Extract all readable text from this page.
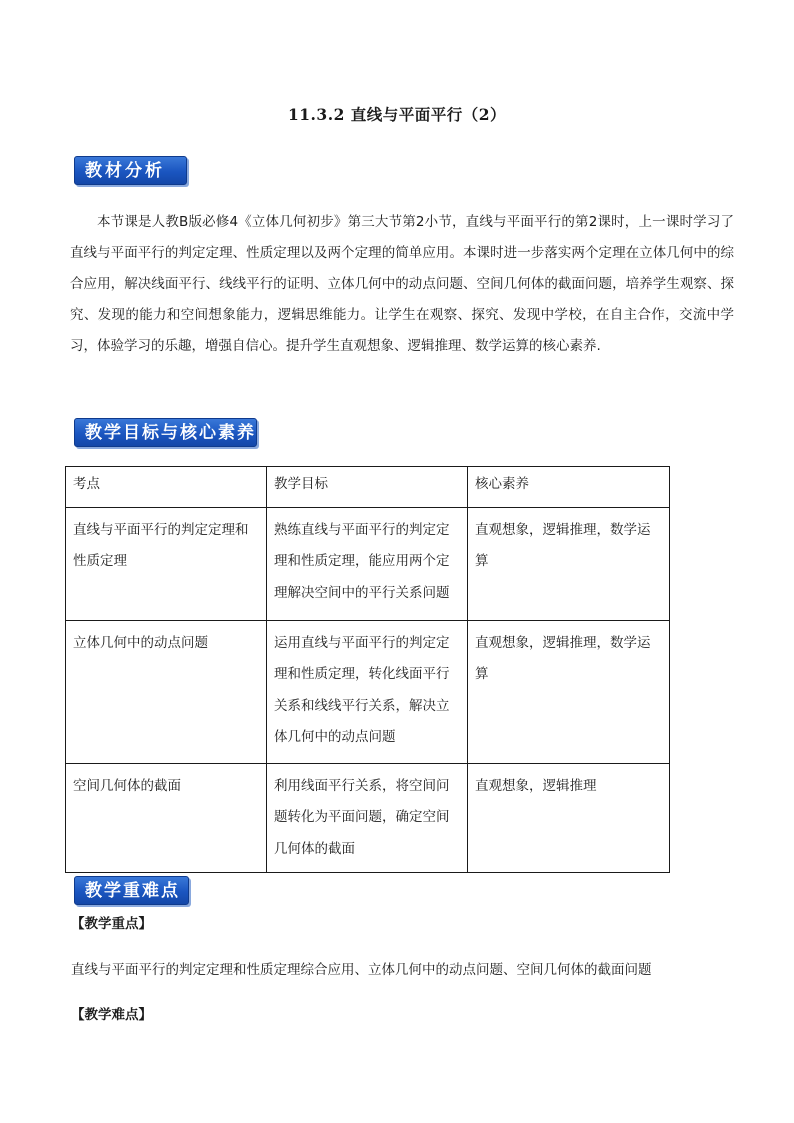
11.3.2 直线与平面平行（2）
教材分析

本节课是人教B版必修4《立体几何初步》第三大节第2小节，直线与平面平行的第2课时，上一课时学习了直线与平面平行的判定定理、性质定理以及两个定理的简单应用。本课时进一步落实两个定理在立体几何中的综合应用，解决线面平行、线线平行的证明、立体几何中的动点问题、空间几何体的截面问题，培养学生观察、探究、发现的能力和空间想象能力，逻辑思维能力。让学生在观察、探究、发现中学校，在自主合作，交流中学习，体验学习的乐趣，增强自信心。提升学生直观想象、逻辑推理、数学运算的核心素养.

教学目标与核心素养
考点	教学目标	核心素养
直线与平面平行的判定定理和性质定理	熟练直线与平面平行的判定定理和性质定理，能应用两个定理解决空间中的平行关系问题	直观想象，逻辑推理，数学运算
立体几何中的动点问题	运用直线与平面平行的判定定理和性质定理，转化线面平行关系和线线平行关系，解决立体几何中的动点问题	直观想象，逻辑推理，数学运算
空间几何体的截面	利用线面平行关系，将空间问题转化为平面问题，确定空间几何体的截面	直观想象，逻辑推理
教学重难点
【教学重点】
直线与平面平行的判定定理和性质定理综合应用、立体几何中的动点问题、空间几何体的截面问题
【教学难点】
